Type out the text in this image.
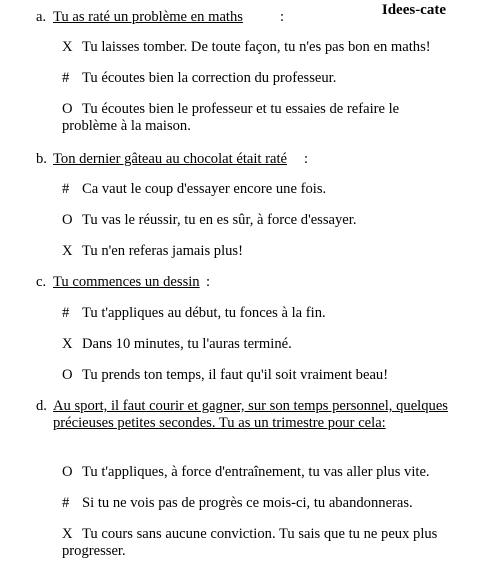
Idees-cate
a. Tu as raté un problème en maths	:
X Tu laisses tomber. De toute façon, tu n'es pas bon en maths!
# Tu écoutes bien la correction du professeur.
O Tu écoutes bien le professeur et tu essaies de refaire le problème à la maison.
b. Ton dernier gâteau au chocolat était raté :
# Ca vaut le coup d'essayer encore une fois.
O Tu vas le réussir, tu en es sûr, à force d'essayer.
X Tu n'en referas jamais plus!
c. Tu commences un dessin :
# Tu t'appliques au début, tu fonces à la fin.
X Dans 10 minutes, tu l'auras terminé.
O Tu prends ton temps, il faut qu'il soit vraiment beau!
d. Au sport, il faut courir et gagner, sur son temps personnel, quelques précieuses petites secondes. Tu as un trimestre pour cela:
O Tu t'appliques, à force d'entraînement, tu vas aller plus vite.
# Si tu ne vois pas de progrès ce mois-ci, tu abandonneras.
X Tu cours sans aucune conviction. Tu sais que tu ne peux plus progresser.
